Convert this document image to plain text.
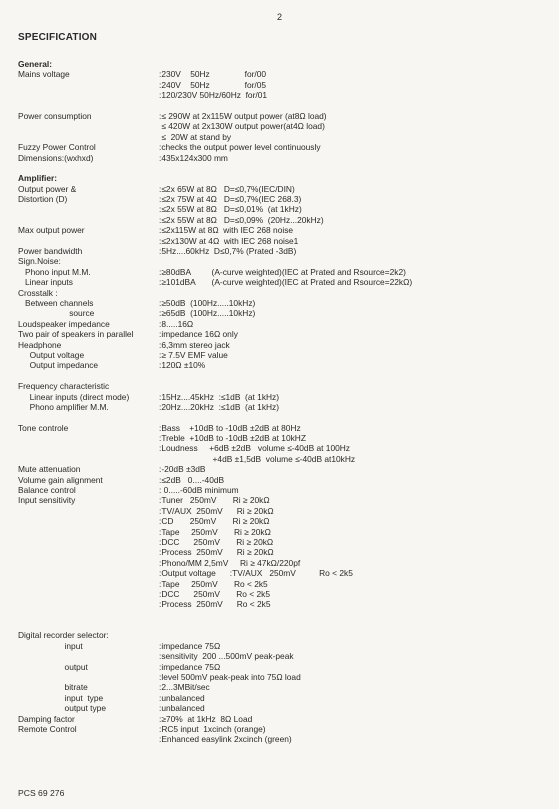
2
SPECIFICATION
General:
Mains voltage	:230V    50Hz               for/00
:240V    50Hz               for/05
:120/230V 50Hz/60Hz  for/01
Power consumption	:≤ 290W at 2x115W output power (at8Ω load)
≤ 420W at 2x130W output power(at4Ω load)
≤  20W at stand by
Fuzzy Power Control	:checks the output power level continuously
Dimensions:(wxhxd)	:435x124x300 mm
Amplifier:
Output power &	:≤2x 65W at 8Ω   D=≤0,7%(IEC/DIN)
Distortion (D)	:≤2x 75W at 4Ω   D=≤0,7%(IEC 268.3)
:≤2x 55W at 8Ω   D=≤0,01%  (at 1kHz)
:≤2x 55W at 8Ω   D=≤0,09%  (20Hz...20kHz)
Max output power	:≤2x115W at 8Ω  with IEC 268 noise
:≤2x130W at 4Ω  with IEC 268 noise1
Power bandwidth	:5Hz....60kHz  D≤0,7% (Prated -3dB)
Sign.Noise:
Phono input M.M.	:≥80dBA         (A-curve weighted)(IEC at Prated and Rsource=2k2)
Linear inputs	:≥101dBA       (A-curve weighted)(IEC at Prated and Rsource=22kΩ)
Crosstalk :
Between channels	:≥50dB  (100Hz.....10kHz)
source	:≥65dB  (100Hz.....10kHz)
Loudspeaker impedance	:8.....16Ω
Two pair of speakers in parallel	:impedance 16Ω only
Headphone	:6,3mm stereo jack
Output voltage	:≥ 7.5V EMF value
Output impedance	:120Ω ±10%
Frequency characteristic
Linear inputs (direct mode)	:15Hz....45kHz  :≤1dB  (at 1kHz)
Phono amplifier M.M.	:20Hz....20kHz  :≤1dB  (at 1kHz)
Tone controle	:Bass    +10dB to -10dB ±2dB at 80Hz
:Treble  +10dB to -10dB ±2dB at 10kHZ
:Loudness     +6dB ±2dB   volume ≤-40dB at 100Hz
+4dB ±1,5dB  volume ≤-40dB at10kHz
Mute attenuation	:-20dB ±3dB
Volume gain alignment	:≤2dB   0....-40dB
Balance control	: 0.....-60dB minimum
Input sensitivity	:Tuner   250mV       Ri ≥ 20kΩ
:TV/AUX  250mV      Ri ≥ 20kΩ
:CD       250mV       Ri ≥ 20kΩ
:Tape     250mV       Ri ≥ 20kΩ
:DCC      250mV       Ri ≥ 20kΩ
:Process  250mV      Ri ≥ 20kΩ
:Phono/MM 2,5mV     Ri ≥ 47kΩ/220pf
:Output voltage      :TV/AUX   250mV          Ro < 2k5
:Tape     250mV       Ro < 2k5
:DCC      250mV       Ro < 2k5
:Process  250mV      Ro < 2k5
Digital recorder selector:
input	:impedance 75Ω
:sensitivity  200 ...500mV peak-peak
output	:impedance 75Ω
:level 500mV peak-peak into 75Ω load
bitrate	:2...3MBit/sec
input  type	:unbalanced
output type	:unbalanced
Damping factor	:≥70%  at 1kHz  8Ω Load
Remote Control	:RC5 input  1xcinch (orange)
:Enhanced easylink 2xcinch (green)
PCS 69 276
